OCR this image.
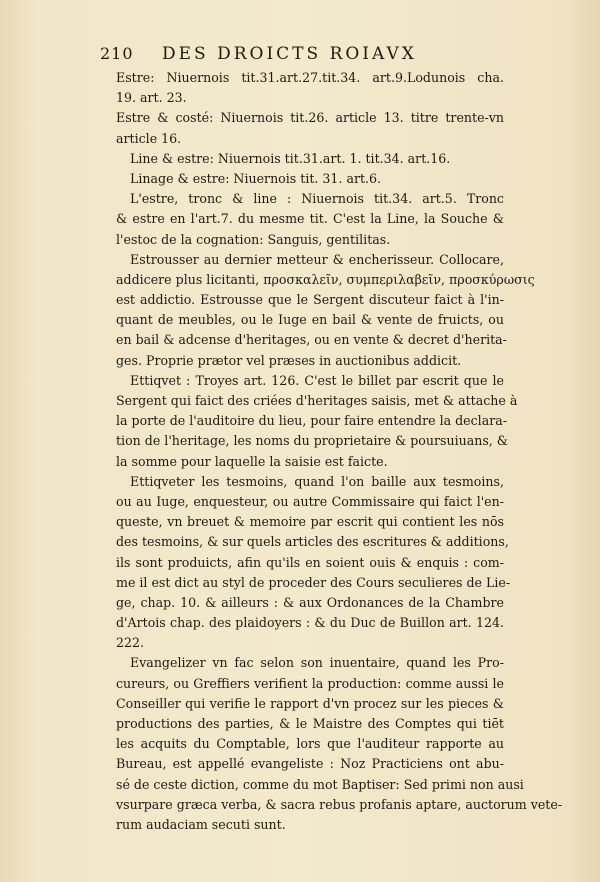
210 DES DROICTS ROIAVX
Estre: Niuernois tit.31.art.27.tit.34. art.9.Lodunois cha.
19. art. 23.
Estre & costé: Niuernois tit.26. article 13. titre trente-vn
article 16.
Line & estre: Niuernois tit.31.art. 1. tit.34. art.16.
Linage & estre: Niuernois tit. 31. art.6.
L'estre, tronc & line : Niuernois tit.34. art.5. Tronc
& estre en l'art.7. du mesme tit. C'est la Line, la Souche &
l'estoc de la cognation: Sanguis, gentilitas.
Estrousser au dernier metteur & encherisseur. Collocare,
addicere plus licitanti, προσκαλεῖν, συμπεριλαβεῖν, προσκύρωσις
est addictio. Estrousse que le Sergent discuteur faict à l'in-
quant de meubles, ou le Iuge en bail & vente de fruicts, ou
en bail & adcense d'heritages, ou en vente & decret d'herita-
ges. Proprie prætor vel præses in auctionibus addicit.
Ettiqvet : Troyes art. 126. C'est le billet par escrit que le
Sergent qui faict des criées d'heritages saisis, met & attache à
la porte de l'auditoire du lieu, pour faire entendre la declara-
tion de l'heritage, les noms du proprietaire & poursuiuans, &
la somme pour laquelle la saisie est faicte.
Ettiqveter les tesmoins, quand l'on baille aux tesmoins,
ou au Iuge, enquesteur, ou autre Commissaire qui faict l'en-
queste, vn breuet & memoire par escrit qui contient les nōs
des tesmoins, & sur quels articles des escritures & additions,
ils sont produicts, afin qu'ils en soient ouis & enquis : com-
me il est dict au styl de proceder des Cours seculieres de Lie-
ge, chap. 10. & ailleurs : & aux Ordonances de la Chambre
d'Artois chap. des plaidoyers : & du Duc de Buillon art. 124.
222.
Evangelizer vn fac selon son inuentaire, quand les Pro-
cureurs, ou Greffiers verifient la production: comme aussi le
Conseiller qui verifie le rapport d'vn procez sur les pieces &
productions des parties, & le Maistre des Comptes qui tiēt
les acquits du Comptable, lors que l'auditeur rapporte au
Bureau, est appellé evangeliste : Noz Practiciens ont abu-
sé de ceste diction, comme du mot Baptiser: Sed primi non ausi
vsurpare græca verba, & sacra rebus profanis aptare, auctorum vete-
rum audaciam secuti sunt.
